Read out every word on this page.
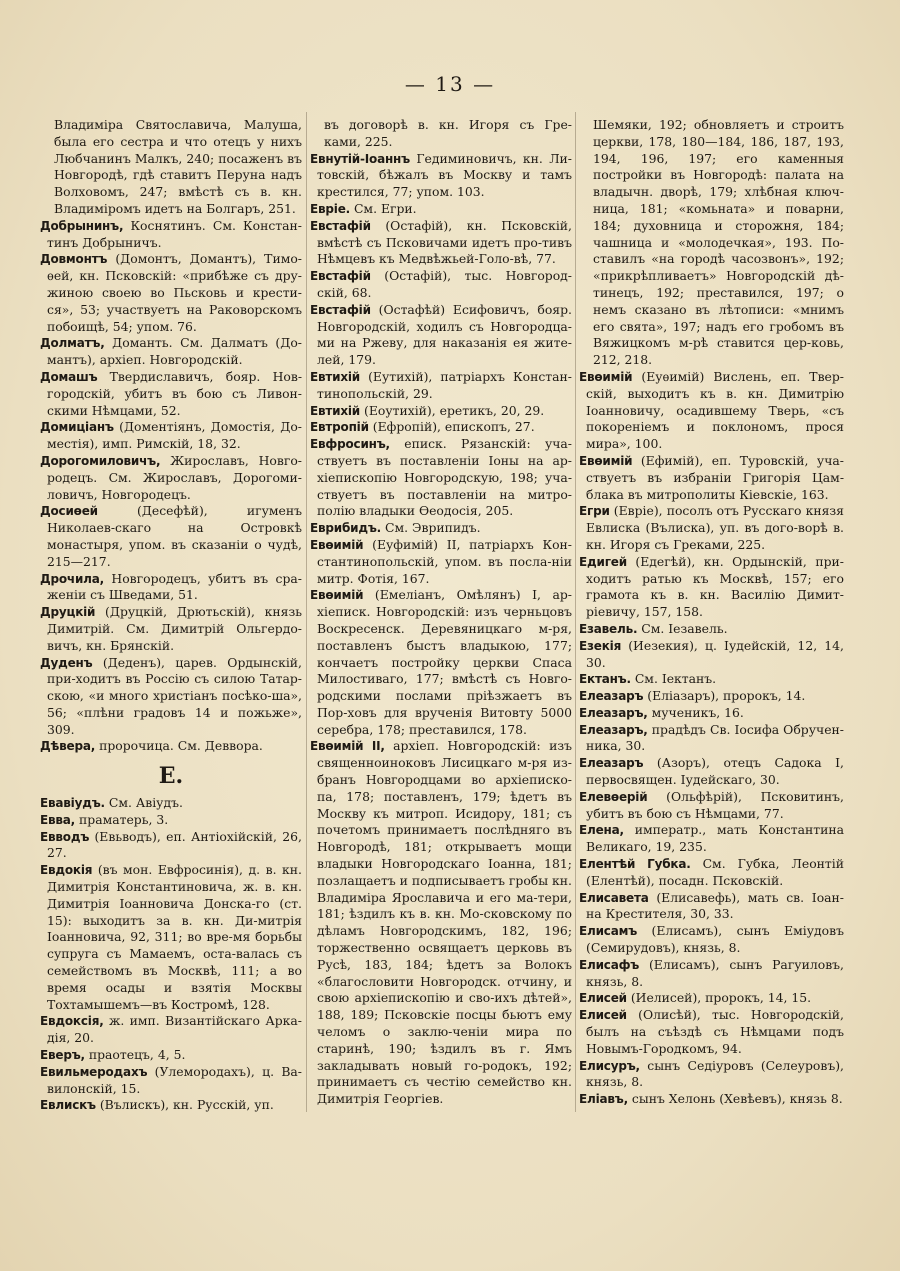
— 13 —
Владиміра Святославича, Малуша, была его сестра и что отецъ у нихъ Любчанинъ Малкъ, 240; посаженъ въ Новгородѣ, гдѣ ставитъ Перуна надъ Волховомъ, 247; вмѣстѣ съ в. кн. Владиміромъ идетъ на Болгаръ, 251.
Добрынинъ, Коснятинъ. См. Констан-тинъ Добрыничъ.
Довмонтъ (Домонтъ, Домантъ), Тимо-ѳей, кн. Псковскій: «прибѣже съ дру-жиною своею во Пьсковь и крести-ся», 53; участвуетъ на Раковорскомъ побоищѣ, 54; упом. 76.
Долматъ, Доманть. См. Далматъ (До-мантъ), архіеп. Новгородскій.
Домашъ Твердиславичъ, бояр. Нов-городскій, убитъ въ бою съ Ливон-скими Нѣмцами, 52.
Домиціанъ (Доментіянъ, Домостія, До-местія), имп. Римскій, 18, 32.
Дорогомиловичъ, Жирославъ, Новго-родецъ. См. Жирославъ, Дорогоми-ловичъ, Новгородецъ.
Досиѳей	(Десефѣй), игуменъ Николаев-скаго на Островкѣ монастыря, упом. въ сказаніи о чудѣ, 215—217.
Дрочила, Новгородецъ, убитъ въ сра-женіи съ Шведами, 51.
Друцкій (Друцкій, Дрютьскій), князь Димитрій. См. Димитрій Ольгердо-вичъ, кн. Брянскій.
Дуденъ (Деденъ), царев. Ордынскій, при-ходитъ въ Россію съ силою Татар-скою, «и много христіанъ посѣко-ша», 56; «плѣни градовъ 14 и пожьже», 309.
Дѣвера, пророчица. См. Деввора.
Е.
Евавіудъ. См. Авіудъ.
Евва, праматерь, 3.
Евводъ (Евьводъ), еп. Антіохійскій, 26, 27.
Евдокія (въ мон. Евфросинія), д. в. кн. Димитрія Константиновича, ж. в. кн. Димитрія Іоанновича Донска-го (ст. 15): выходитъ за в. кн. Ди-митрія Іоанновича, 92, 311; во вре-мя борьбы супруга съ Мамаемъ, оста-валась съ семействомъ въ Москвѣ, 111; а во время осады и взятія Москвы Тохтамышемъ—въ Костромѣ, 128.
Евдоксія, ж. имп. Византійскаго Арка-дія, 20.
Еверъ, праотецъ, 4, 5.
Евильмеродахъ (Улемородахъ), ц. Ва-вилонскій, 15.
Евлискъ (Вълискъ), кн. Русскій, уп.
въ договорѣ в. кн. Игоря съ Гре-ками, 225.
Евнутій-Іоаннъ Гедиминовичъ, кн. Ли-товскій, бѣжалъ въ Москву и тамъ крестился, 77; упом. 103.
Евріе. См. Егри.
Евстафій (Остафій), кн. Псковскій, вмѣстѣ съ Псковичами идетъ про-тивъ Нѣмцевъ къ Медвѣжьей-Голо-вѣ, 77.
Евстафій (Остафій), тыс. Новгород-скій, 68.
Евстафій (Остафѣй) Есифовичъ, бояр. Новгородскій, ходилъ съ Новгородца-ми на Ржеву, для наказанія ея жите-лей, 179.
Евтихій (Еутихій), патріархъ Констан-тинопольскій, 29.
Евтихій (Еоутихій), еретикъ, 20, 29.
Евтропій (Ефропій), епископъ, 27.
Евфросинъ, еписк. Рязанскій: уча-ствуетъ въ поставленіи Іоны на ар-хіепископію Новгородскую, 198; уча-ствуетъ въ поставленіи на митро-полію владыки Ѳеодосія, 205.
Еврибидъ. См. Эврипидъ.
Евѳимій (Еуфимій) II, патріархъ Кон-стантинопольскій, упом. въ посла-ніи митр. Фотія, 167.
Евѳимій (Емеліанъ, Омѣлянъ) I, ар-хіеписк. Новгородскій: изъ черньцовъ Воскресенск. Деревяницкаго м-ря, поставленъ быстъ владыкою, 177; кончаетъ постройку церкви Спаса Милостиваго, 177; вмѣстѣ съ Новго-родскими послами прiѣзжаетъ въ Пор-ховъ для врученія Витовту 5000 серебра, 178; преставился, 178.
Евѳимій II, архіеп. Новгородскій: изъ священноиноковъ Лисицкаго м-ря из-бранъ Новгородцами во архіеписко-па, 178; поставленъ, 179; ѣдетъ въ Москву къ митроп. Исидору, 181; съ почетомъ принимаетъ послѣдняго въ Новгородѣ, 181; открываетъ мощи владыки Новгородскаго Іоанна, 181; позлащаетъ и подписываетъ гробы кн. Владиміра Ярославича и его ма-тери, 181; ѣздилъ къ в. кн. Мо-сковскому по дѣламъ Новгородскимъ, 182, 196; торжественно освящаетъ церковь въ Русѣ, 183, 184; ѣдетъ за Волокъ «благословити Новгородск. отчину, и свою архіепископію и сво-ихъ дѣтей», 188, 189; Псковскіе посцы бьютъ ему челомъ о заклю-ченіи мира по старинѣ, 190; ѣздилъ въ г. Ямъ закладывать новый го-родокъ, 192; принимаетъ съ честію семейство кн. Димитрія Георгіев.
Шемяки, 192; обновляетъ и строитъ церкви, 178, 180—184, 186, 187, 193, 194, 196, 197; его каменныя постройки въ Новгородѣ: палата на владычн. дворѣ, 179; хлѣбная ключ-ница, 181; «комьната» и поварни, 184; духовница и сторожня, 184; чашница и «молодечкая», 193. По-ставилъ «на городѣ часозвонъ», 192; «прикрѣпливаетъ» Новгородскій дѣ-тинецъ, 192; преставился, 197; о немъ сказано въ лѣтописи: «мнимъ его свята», 197; надъ его гробомъ въ Вяжицкомъ м-рѣ ставится цер-ковь, 212, 218.
Евѳимій (Еуѳимій) Вислень, еп. Твер-скій, выходитъ къ в. кн. Димитрію Іоанновичу, осадившему Тверь, «съ покореніемъ и поклономъ, прося мира», 100.
Евѳимій (Ефимій), еп. Туровскій, уча-ствуетъ въ избраніи Григорія Цам-блака въ митрополиты Кіевскіе, 163.
Егри (Евріе), посолъ отъ Русскаго князя Евлиска (Вълиска), уп. въ дого-ворѣ в. кн. Игоря съ Греками, 225.
Едигей (Едегѣй), кн. Ордынскій, при-ходитъ ратью къ Москвѣ, 157; его грамота къ в. кн. Василію Димит-ріевичу, 157, 158.
Езавель. См. Іезавель.
Езекія (Иезекия), ц. Іудейскій, 12, 14, 30.
Ектанъ. См. Іектанъ.
Елеазаръ (Еліазаръ), пророкъ, 14.
Елеазаръ, мученикъ, 16.
Елеазаръ, прадѣдъ Св. Іосифа Обручен-ника, 30.
Елеазаръ (Азоръ), отецъ Садока I, первосвящен. Іудейскаго, 30.
Елевѳерій (Ольфѣрій), Псковитинъ, убитъ въ бою съ Нѣмцами, 77.
Елена, императр., мать Константина Великаго, 19, 235.
Елентѣй Губка. См. Губка, Леонтій (Елентѣй), посадн. Псковскій.
Елисавета (Елисавефь), мать св. Іоан-на Крестителя, 30, 33.
Елисамъ (Елисамъ), сынъ Еміудовъ (Семирудовъ), князь, 8.
Елисафъ (Елисамъ), сынъ Рагуиловъ, князь, 8.
Елисей (Иелисей), пророкъ, 14, 15.
Елисей (Олисѣй), тыс. Новгородскій, былъ на съѣздѣ съ Нѣмцами подъ Новымъ-Городкомъ, 94.
Елисуръ, сынъ Седіуровъ (Селеуровъ), князь, 8.
Еліавъ, сынъ Хелонь (Хевѣевъ), князь 8.
